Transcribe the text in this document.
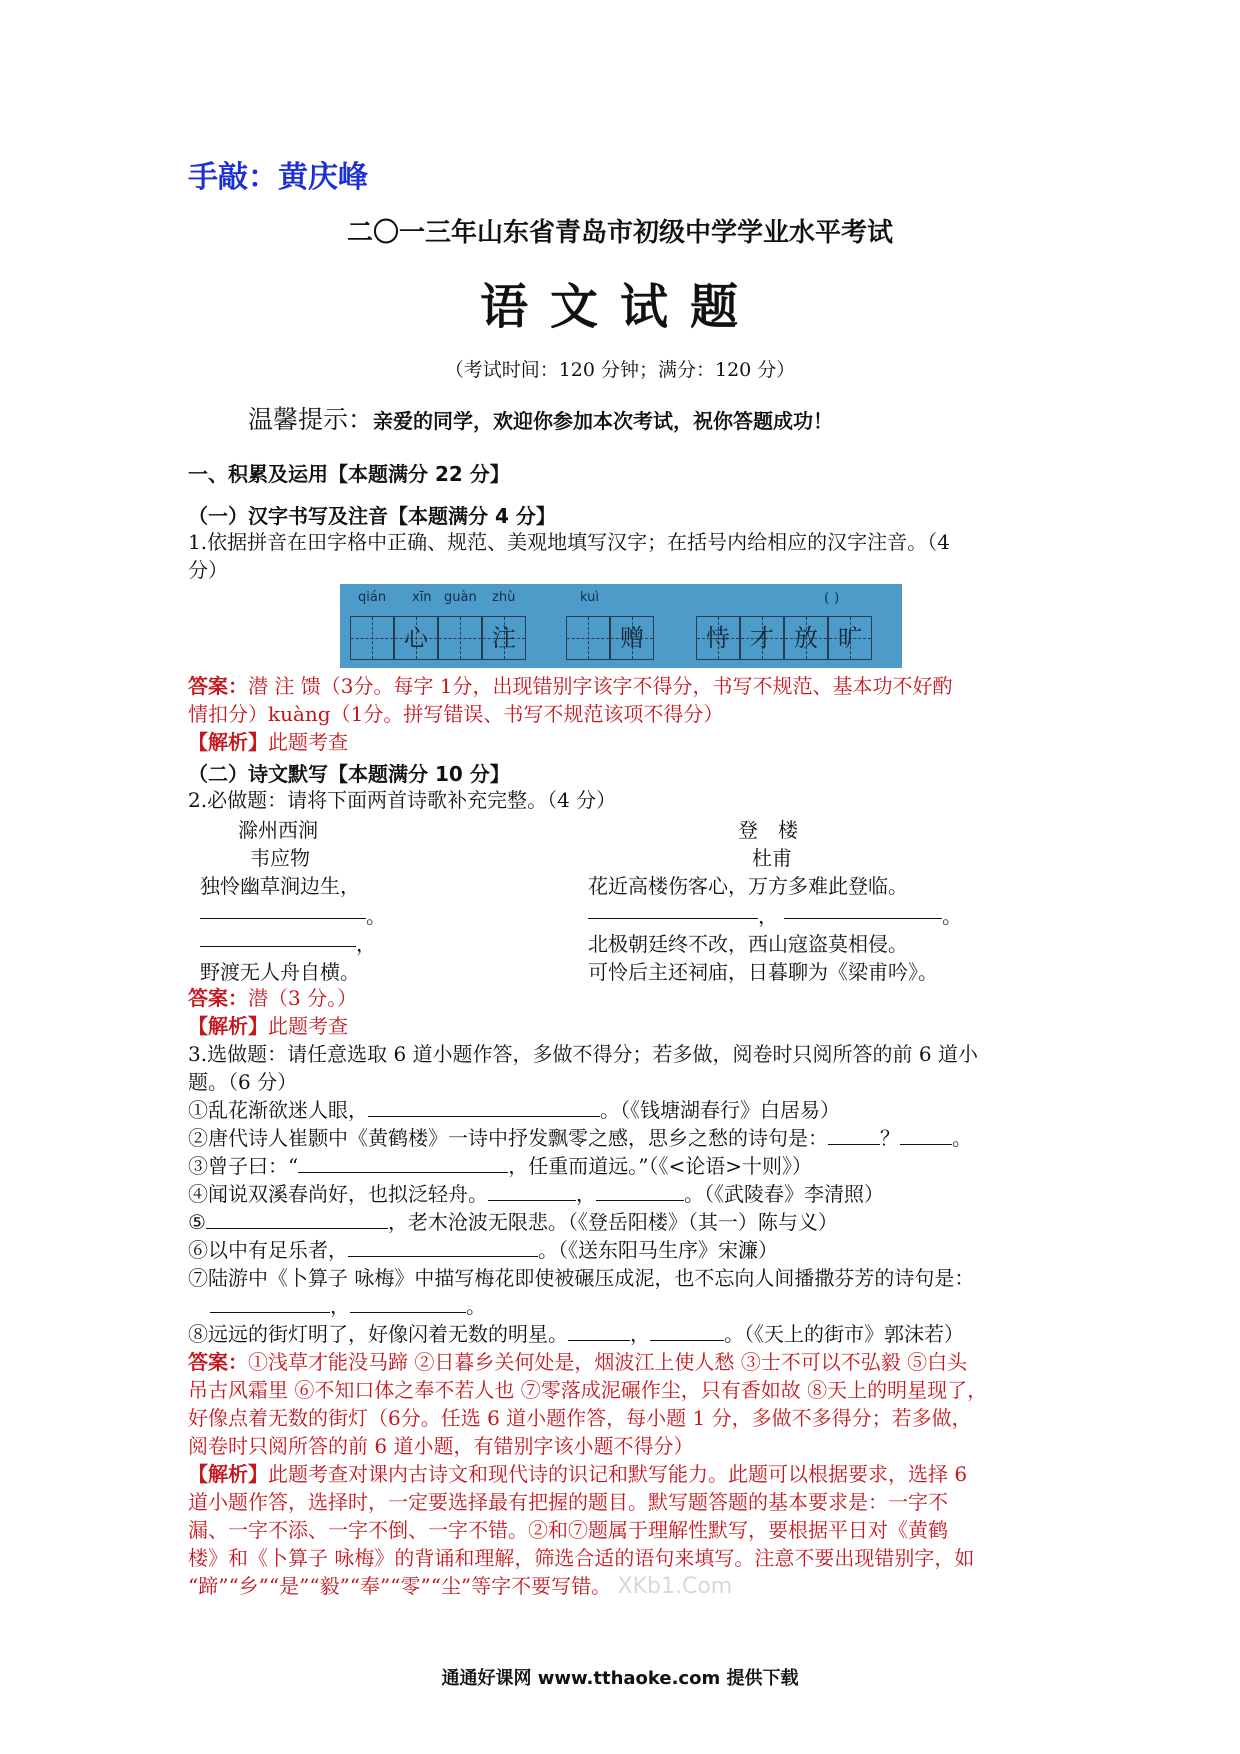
手敲：黄庆峰
二〇一三年山东省青岛市初级中学学业水平考试
语文试题
（考试时间：120 分钟；满分：120 分）
温馨提示：亲爱的同学，欢迎你参加本次考试，祝你答题成功！
一、积累及运用【本题满分 22 分】
（一）汉字书写及注音【本题满分 4 分】
1.依据拼音在田字格中正确、规范、美观地填写汉字；在括号内给相应的汉字注音。（4
分）
qián xīn guàn zhù	kuì	( )
心	注	赠	恃 才 放 旷
答案：潜 注 馈（3分。每字 1分，出现错别字该字不得分，书写不规范、基本功不好酌
情扣分）kuàng（1分。拼写错误、书写不规范该项不得分）
【解析】此题考查
（二）诗文默写【本题满分 10 分】
2.必做题：请将下面两首诗歌补充完整。（4 分）
滁州西涧
韦应物
独怜幽草涧边生，
。
，
野渡无人舟自横。
登　楼
杜甫
花近高楼伤客心，万方多难此登临。
，	。
北极朝廷终不改，西山寇盗莫相侵。
可怜后主还祠庙，日暮聊为《梁甫吟》。
答案：潜（3 分。）
【解析】此题考查
3.选做题：请任意选取 6 道小题作答，多做不得分；若多做，阅卷时只阅所答的前 6 道小
题。（6 分）
①乱花渐欲迷人眼，	。（《钱塘湖春行》白居易）
②唐代诗人崔颢中《黄鹤楼》一诗中抒发飘零之感，思乡之愁的诗句是：	？	。
③曾子曰：“	，任重而道远。”（《<论语>十则》）
④闻说双溪春尚好，也拟泛轻舟。	，	。（《武陵春》李清照）
⑤	，老木沧波无限悲。（《登岳阳楼》（其一）陈与义）
⑥以中有足乐者，	。（《送东阳马生序》宋濂）
⑦陆游中《卜算子 咏梅》中描写梅花即使被碾压成泥，也不忘向人间播撒芬芳的诗句是：
，	。
⑧远远的街灯明了，好像闪着无数的明星。	，	。（《天上的街市》郭沫若）
答案：①浅草才能没马蹄 ②日暮乡关何处是，烟波江上使人愁 ③士不可以不弘毅 ⑤白头
吊古风霜里 ⑥不知口体之奉不若人也 ⑦零落成泥碾作尘，只有香如故 ⑧天上的明星现了，
好像点着无数的街灯（6分。任选 6 道小题作答，每小题 1 分，多做不多得分；若多做，
阅卷时只阅所答的前 6 道小题，有错别字该小题不得分）
【解析】此题考查对课内古诗文和现代诗的识记和默写能力。此题可以根据要求，选择 6
道小题作答，选择时，一定要选择最有把握的题目。默写题答题的基本要求是：一字不
漏、一字不添、一字不倒、一字不错。②和⑦题属于理解性默写，要根据平日对《黄鹤
楼》和《卜算子 咏梅》的背诵和理解，筛选合适的语句来填写。注意不要出现错别字，如
“蹄”“乡”“是”“毅”“奉”“零”“尘”等字不要写错。 XKb1.Com
通通好课网 www.tthaoke.com 提供下载
